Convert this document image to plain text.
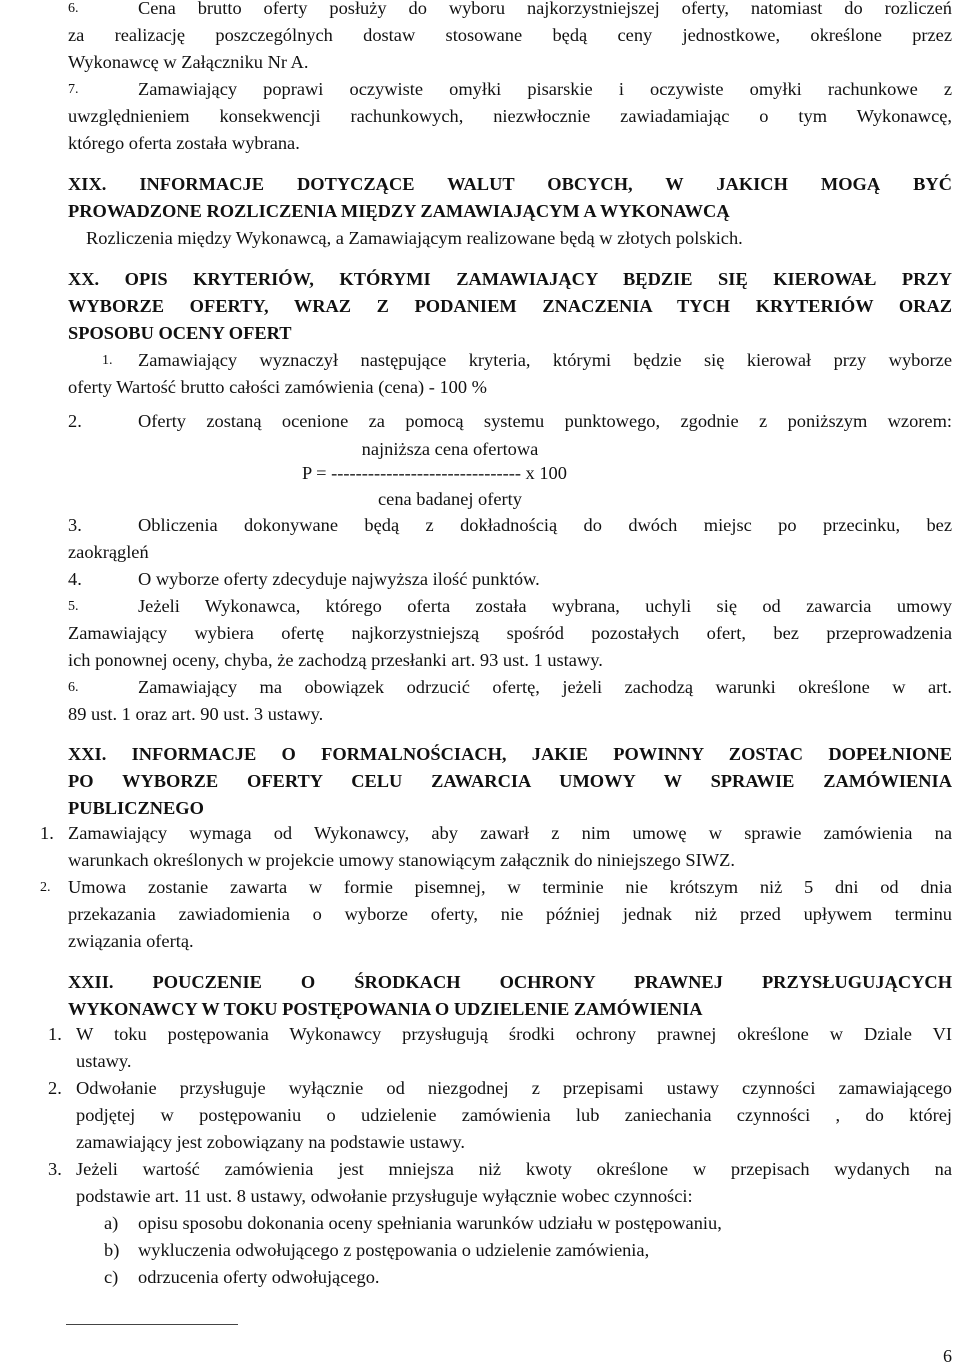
6.	Cena brutto oferty posłuży do wyboru najkorzystniejszej oferty, natomiast do rozliczeń

za realizację poszczególnych dostaw stosowane będą ceny jednostkowe, określone przez

Wykonawcę w Załączniku Nr A.

7.	Zamawiający poprawi oczywiste omyłki pisarskie i oczywiste omyłki rachunkowe z

uwzględnieniem konsekwencji rachunkowych, niezwłocznie zawiadamiając o tym Wykonawcę,

którego oferta została wybrana.

XIX. INFORMACJE DOTYCZĄCE WALUT OBCYCH, W JAKICH MOGĄ BYĆ

PROWADZONE ROZLICZENIA MIĘDZY ZAMAWIAJĄCYM A WYKONAWCĄ

Rozliczenia między Wykonawcą, a Zamawiającym realizowane będą w złotych polskich.

XX. OPIS KRYTERIÓW, KTÓRYMI ZAMAWIAJĄCY BĘDZIE SIĘ KIEROWAŁ PRZY

WYBORZE OFERTY, WRAZ Z PODANIEM ZNACZENIA TYCH KRYTERIÓW ORAZ

SPOSOBU OCENY OFERT

1. Zamawiający wyznaczył następujące kryteria, którymi będzie się kierował przy wyborze

oferty Wartość brutto całości zamówienia (cena) - 100 %

2.	Oferty zostaną ocenione za pomocą systemu punktowego, zgodnie z poniższym wzorem:

najniższa cena ofertowa
P = ------------------------------- x 100
cena badanej oferty
3.	Obliczenia dokonywane będą z dokładnością do dwóch miejsc po przecinku, bez

zaokrągleń

4.	O wyborze oferty zdecyduje najwyższa ilość punktów.

5.	Jeżeli Wykonawca, którego oferta została wybrana, uchyli się od zawarcia umowy

Zamawiający wybiera ofertę najkorzystniejszą spośród pozostałych ofert, bez przeprowadzenia

ich ponownej oceny, chyba, że zachodzą przesłanki art. 93 ust. 1 ustawy.

6.	Zamawiający ma obowiązek odrzucić ofertę, jeżeli zachodzą warunki określone w art.

89 ust. 1 oraz art. 90 ust. 3 ustawy.

XXI. INFORMACJE O FORMALNOŚCIACH, JAKIE POWINNY ZOSTAC DOPEŁNIONE

PO WYBORZE OFERTY CELU ZAWARCIA UMOWY W SPRAWIE ZAMÓWIENIA

PUBLICZNEGO

1. Zamawiający wymaga od Wykonawcy, aby zawarł z nim umowę w sprawie zamówienia na

warunkach określonych w projekcie umowy stanowiącym załącznik do niniejszego SIWZ.

2. Umowa zostanie zawarta w formie pisemnej, w terminie nie krótszym niż 5 dni od dnia

przekazania zawiadomienia o wyborze oferty, nie później jednak niż przed upływem terminu

związania ofertą.

XXII. POUCZENIE O ŚRODKACH OCHRONY PRAWNEJ PRZYSŁUGUJĄCYCH

WYKONAWCY W TOKU POSTĘPOWANIA O UDZIELENIE ZAMÓWIENIA

1. W toku postępowania Wykonawcy przysługują środki ochrony prawnej określone w Dziale VI

ustawy.

2. Odwołanie przysługuje wyłącznie od niezgodnej z przepisami ustawy czynności zamawiającego

podjętej w postępowaniu o udzielenie zamówienia lub zaniechania czynności , do której

zamawiający jest zobowiązany na podstawie ustawy.

3. Jeżeli wartość zamówienia jest mniejsza niż kwoty określone w przepisach wydanych na

podstawie art. 11 ust. 8 ustawy, odwołanie przysługuje wyłącznie wobec czynności:

a) opisu sposobu dokonania oceny spełniania warunków udziału w postępowaniu,

b) wykluczenia odwołującego z postępowania o udzielenie zamówienia,

c) odrzucenia oferty odwołującego.

6
